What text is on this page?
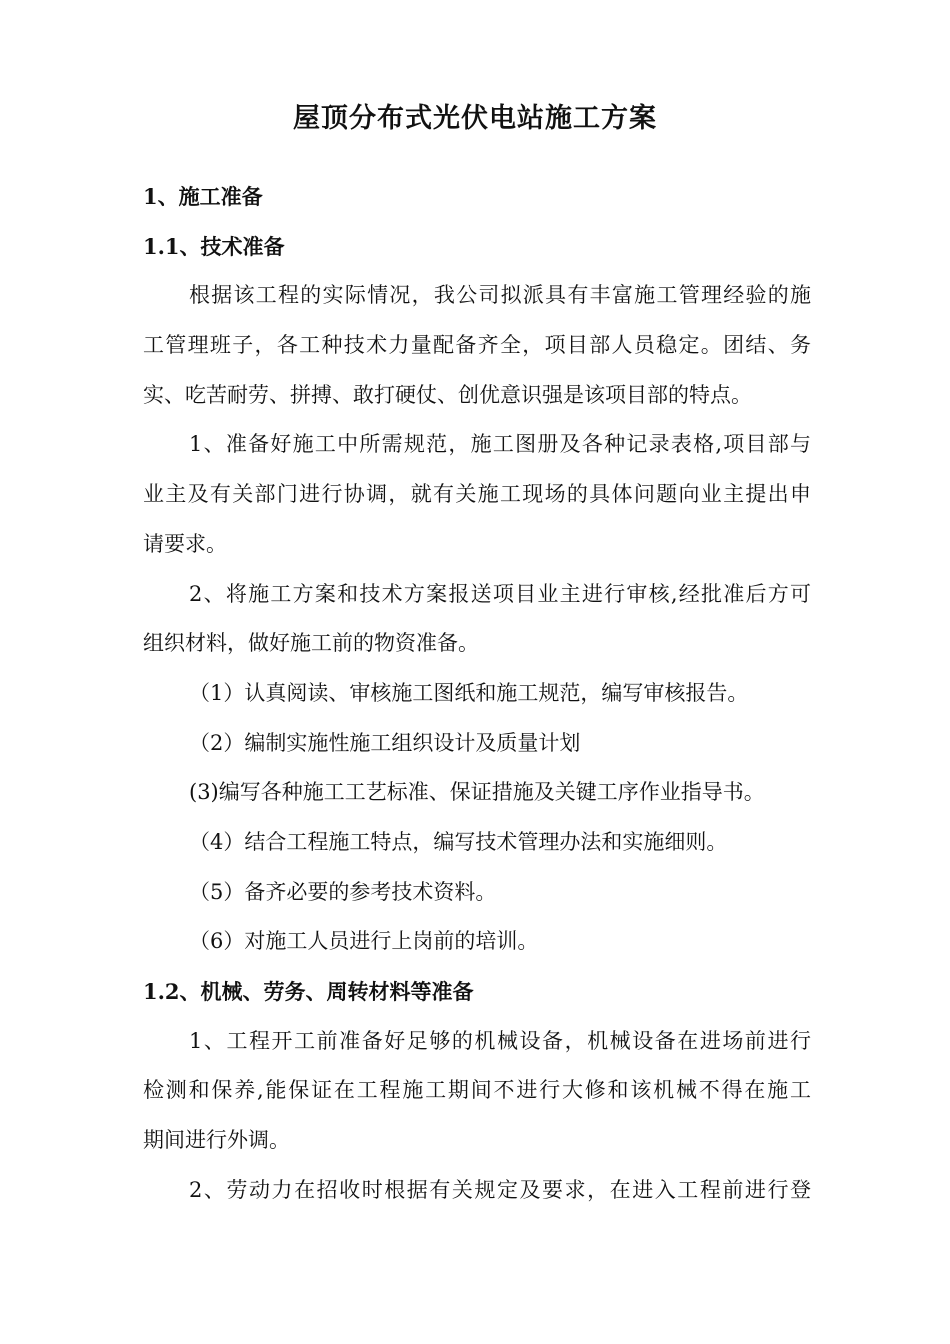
屋顶分布式光伏电站施工方案
1、施工准备
1.1、技术准备
根据该工程的实际情况，我公司拟派具有丰富施工管理经验的施
工管理班子，各工种技术力量配备齐全，项目部人员稳定。团结、务
实、吃苦耐劳、拼搏、敢打硬仗、创优意识强是该项目部的特点。
1、准备好施工中所需规范，施工图册及各种记录表格,项目部与
业主及有关部门进行协调，就有关施工现场的具体问题向业主提出申
请要求。
2、将施工方案和技术方案报送项目业主进行审核,经批准后方可
组织材料，做好施工前的物资准备。
（1）认真阅读、审核施工图纸和施工规范，编写审核报告。
（2）编制实施性施工组织设计及质量计划
(3)编写各种施工工艺标准、保证措施及关键工序作业指导书。
（4）结合工程施工特点，编写技术管理办法和实施细则。
（5）备齐必要的参考技术资料。
（6）对施工人员进行上岗前的培训。
1.2、机械、劳务、周转材料等准备
1、工程开工前准备好足够的机械设备，机械设备在进场前进行
检测和保养,能保证在工程施工期间不进行大修和该机械不得在施工
期间进行外调。
2、劳动力在招收时根据有关规定及要求，在进入工程前进行登
